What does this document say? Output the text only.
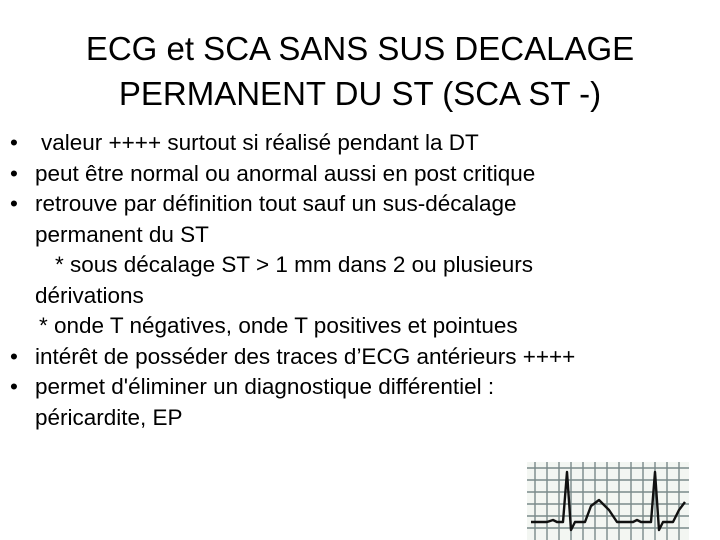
ECG et SCA SANS SUS DECALAGE
PERMANENT DU ST (SCA ST -)
•	valeur ++++ surtout si réalisé pendant la DT
• peut être normal ou anormal aussi en post critique
• retrouve par définition tout sauf un sus-décalage
permanent du ST
* sous décalage ST > 1 mm dans 2 ou plusieurs
dérivations
* onde T négatives, onde T positives et pointues
• intérêt de posséder des traces d’ECG antérieurs ++++
• permet d'éliminer un diagnostique différentiel :
péricardite, EP
